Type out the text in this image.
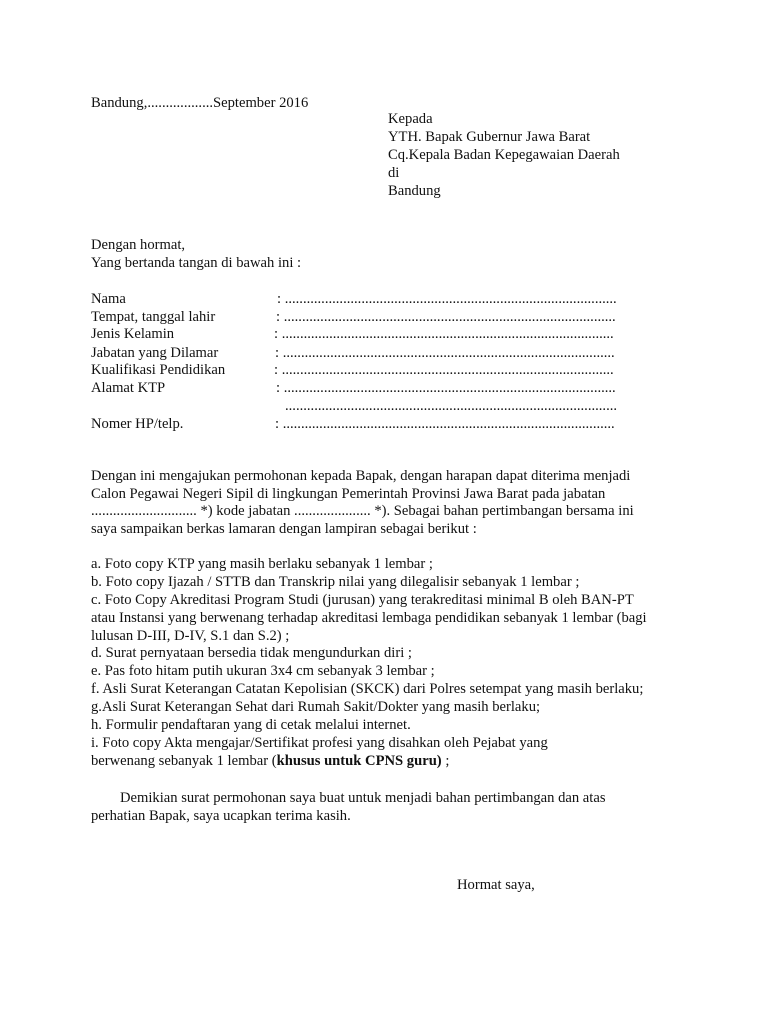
Bandung,..................September 2016
Kepada
YTH. Bapak Gubernur Jawa Barat
Cq.Kepala Badan Kepegawaian Daerah
di
Bandung
Dengan hormat,
Yang bertanda tangan di bawah ini :
Nama	: ...........................................................................................
Tempat, tanggal lahir	: ...........................................................................................
Jenis Kelamin	: ...........................................................................................
Jabatan yang Dilamar	: ...........................................................................................
Kualifikasi Pendidikan	: ...........................................................................................
Alamat KTP	: ...........................................................................................
...........................................................................................
Nomer HP/telp.	: ...........................................................................................
Dengan ini mengajukan permohonan kepada Bapak, dengan harapan dapat diterima menjadi
Calon Pegawai Negeri Sipil di lingkungan Pemerintah Provinsi Jawa Barat pada jabatan
............................. *) kode jabatan ..................... *). Sebagai bahan pertimbangan bersama ini
saya sampaikan berkas lamaran dengan lampiran sebagai berikut :
a. Foto copy KTP yang masih berlaku sebanyak 1 lembar ;
b. Foto copy Ijazah / STTB dan Transkrip nilai yang dilegalisir sebanyak 1 lembar ;
c. Foto Copy Akreditasi Program Studi (jurusan) yang terakreditasi minimal B oleh BAN-PT
atau Instansi yang berwenang terhadap akreditasi lembaga pendidikan sebanyak 1 lembar (bagi
lulusan D-III, D-IV, S.1 dan S.2) ;
d. Surat pernyataan bersedia tidak mengundurkan diri ;
e. Pas foto hitam putih ukuran 3x4 cm sebanyak 3 lembar ;
f. Asli Surat Keterangan Catatan Kepolisian (SKCK) dari Polres setempat yang masih berlaku;
g.Asli Surat Keterangan Sehat dari Rumah Sakit/Dokter yang masih berlaku;
h. Formulir pendaftaran yang di cetak melalui internet.
i. Foto copy Akta mengajar/Sertifikat profesi yang disahkan oleh Pejabat yang
berwenang sebanyak 1 lembar (khusus untuk CPNS guru) ;
Demikian surat permohonan saya buat untuk menjadi bahan pertimbangan dan atas
perhatian Bapak, saya ucapkan terima kasih.
Hormat saya,
